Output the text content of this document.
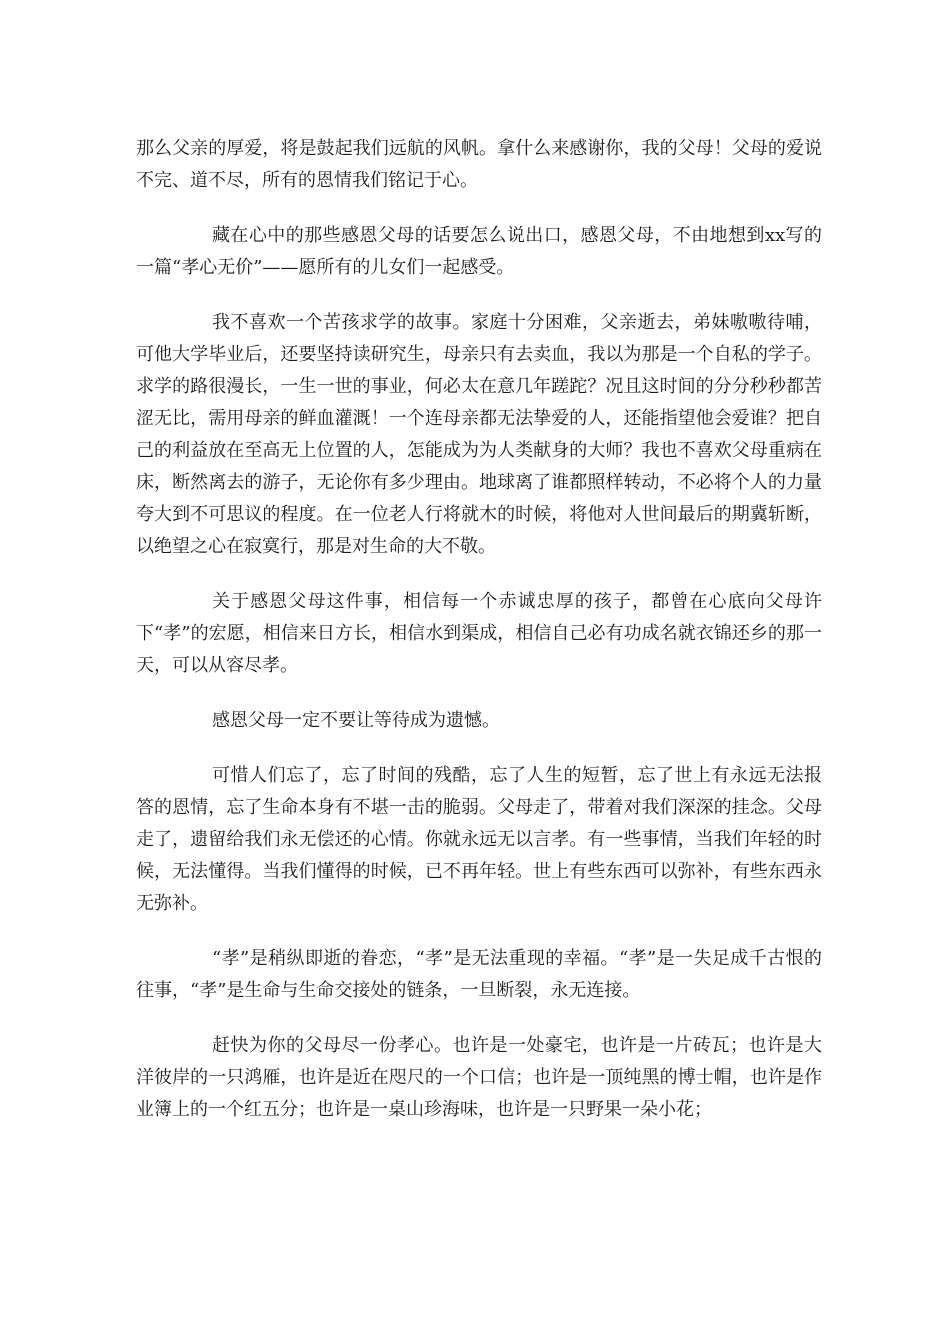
那么父亲的厚爱，将是鼓起我们远航的风帆。拿什么来感谢你，我的父母！父母的爱说不完、道不尽，所有的恩情我们铭记于心。

藏在心中的那些感恩父母的话要怎么说出口，感恩父母，不由地想到xx写的一篇“孝心无价”——愿所有的儿女们一起感受。

我不喜欢一个苦孩求学的故事。家庭十分困难，父亲逝去，弟妹嗷嗷待哺，可他大学毕业后，还要坚持读研究生，母亲只有去卖血，我以为那是一个自私的学子。求学的路很漫长，一生一世的事业，何必太在意几年蹉跎？况且这时间的分分秒秒都苦涩无比，需用母亲的鲜血灌溉！一个连母亲都无法挚爱的人，还能指望他会爱谁？把自己的利益放在至高无上位置的人，怎能成为为人类献身的大师？我也不喜欢父母重病在床，断然离去的游子，无论你有多少理由。地球离了谁都照样转动，不必将个人的力量夸大到不可思议的程度。在一位老人行将就木的时候，将他对人世间最后的期冀斩断，以绝望之心在寂寞行，那是对生命的大不敬。

关于感恩父母这件事，相信每一个赤诚忠厚的孩子，都曾在心底向父母许下“孝”的宏愿，相信来日方长，相信水到渠成，相信自己必有功成名就衣锦还乡的那一天，可以从容尽孝。

感恩父母一定不要让等待成为遗憾。

可惜人们忘了，忘了时间的残酷，忘了人生的短暂，忘了世上有永远无法报答的恩情，忘了生命本身有不堪一击的脆弱。父母走了，带着对我们深深的挂念。父母走了，遗留给我们永无偿还的心情。你就永远无以言孝。有一些事情，当我们年轻的时候，无法懂得。当我们懂得的时候，已不再年轻。世上有些东西可以弥补，有些东西永无弥补。

“孝”是稍纵即逝的眷恋，“孝”是无法重现的幸福。“孝”是一失足成千古恨的往事，“孝”是生命与生命交接处的链条，一旦断裂，永无连接。

赶快为你的父母尽一份孝心。也许是一处豪宅，也许是一片砖瓦；也许是大洋彼岸的一只鸿雁，也许是近在咫尺的一个口信；也许是一顶纯黑的博士帽，也许是作业簿上的一个红五分；也许是一桌山珍海味，也许是一只野果一朵小花；
